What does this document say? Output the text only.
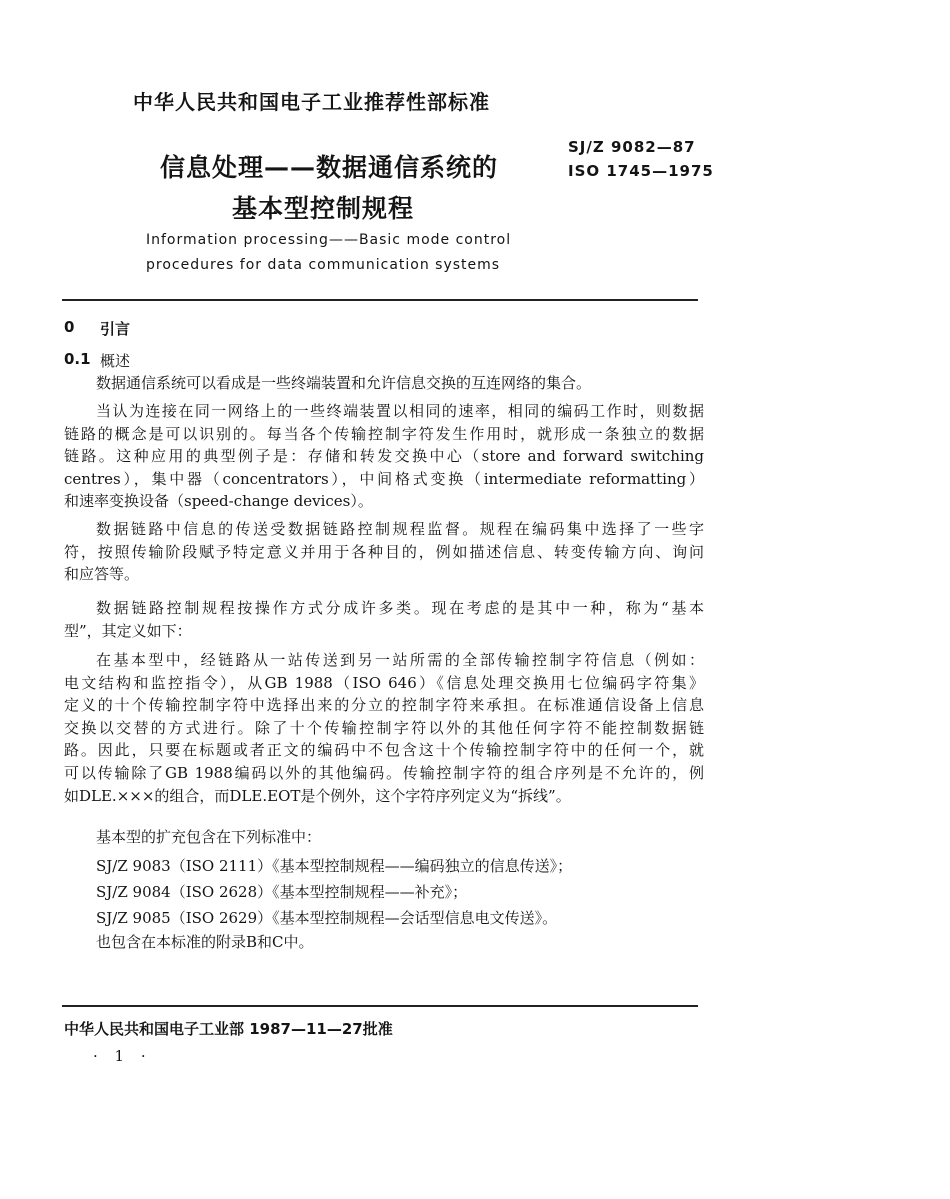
中华人民共和国电子工业推荐性部标准
信息处理——数据通信系统的
基本型控制规程
SJ/Z 9082—87
ISO 1745—1975
Information processing——Basic mode control
procedures for data communication systems
0 引言
0.1 概述
数据通信系统可以看成是一些终端装置和允许信息交换的互连网络的集合。
当认为连接在同一网络上的一些终端装置以相同的速率，相同的编码工作时，则数据
链路的概念是可以识别的。每当各个传输控制字符发生作用时，就形成一条独立的数据
链路。这种应用的典型例子是：存储和转发交换中心（store and forward switching
centres），集中器（concentrators），中间格式变换（intermediate reformatting）
和速率变换设备（speed-change devices）。
数据链路中信息的传送受数据链路控制规程监督。规程在编码集中选择了一些字
符，按照传输阶段赋予特定意义并用于各种目的，例如描述信息、转变传输方向、询问
和应答等。
数据链路控制规程按操作方式分成许多类。现在考虑的是其中一种，称为“基本
型”，其定义如下：
在基本型中，经链路从一站传送到另一站所需的全部传输控制字符信息（例如：
电文结构和监控指令），从GB 1988（ISO 646）《信息处理交换用七位编码字符集》
定义的十个传输控制字符中选择出来的分立的控制字符来承担。在标准通信设备上信息
交换以交替的方式进行。除了十个传输控制字符以外的其他任何字符不能控制数据链
路。因此，只要在标题或者正文的编码中不包含这十个传输控制字符中的任何一个，就
可以传输除了GB 1988编码以外的其他编码。传输控制字符的组合序列是不允许的，例
如DLE.×××的组合，而DLE.EOT是个例外，这个字符序列定义为“拆线”。
基本型的扩充包含在下列标准中：
SJ/Z 9083（ISO 2111）《基本型控制规程——编码独立的信息传送》；
SJ/Z 9084（ISO 2628）《基本型控制规程——补充》；
SJ/Z 9085（ISO 2629）《基本型控制规程—会话型信息电文传送》。
也包含在本标准的附录B和C中。
中华人民共和国电子工业部 1987—11—27批准
· 1 ·
